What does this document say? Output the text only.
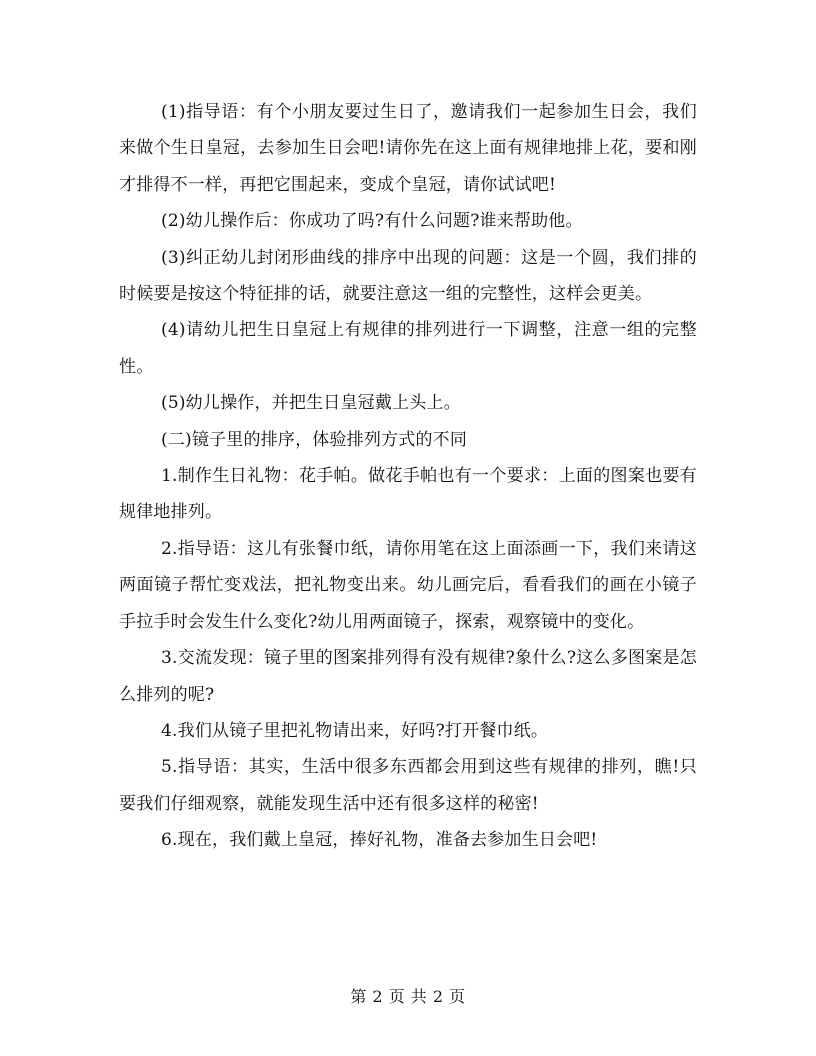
(1)指导语：有个小朋友要过生日了，邀请我们一起参加生日会，我们来做个生日皇冠，去参加生日会吧!请你先在这上面有规律地排上花，要和刚才排得不一样，再把它围起来，变成个皇冠，请你试试吧!

(2)幼儿操作后：你成功了吗?有什么问题?谁来帮助他。

(3)纠正幼儿封闭形曲线的排序中出现的问题：这是一个圆，我们排的时候要是按这个特征排的话，就要注意这一组的完整性，这样会更美。

(4)请幼儿把生日皇冠上有规律的排列进行一下调整，注意一组的完整性。

(5)幼儿操作，并把生日皇冠戴上头上。

(二)镜子里的排序，体验排列方式的不同

1.制作生日礼物：花手帕。做花手帕也有一个要求：上面的图案也要有规律地排列。

2.指导语：这儿有张餐巾纸，请你用笔在这上面添画一下，我们来请这两面镜子帮忙变戏法，把礼物变出来。幼儿画完后，看看我们的画在小镜子手拉手时会发生什么变化?幼儿用两面镜子，探索，观察镜中的变化。

3.交流发现：镜子里的图案排列得有没有规律?象什么?这么多图案是怎么排列的呢?

4.我们从镜子里把礼物请出来，好吗?打开餐巾纸。

5.指导语：其实，生活中很多东西都会用到这些有规律的排列，瞧!只要我们仔细观察，就能发现生活中还有很多这样的秘密!

6.现在，我们戴上皇冠，捧好礼物，准备去参加生日会吧!

第 2 页 共 2 页
